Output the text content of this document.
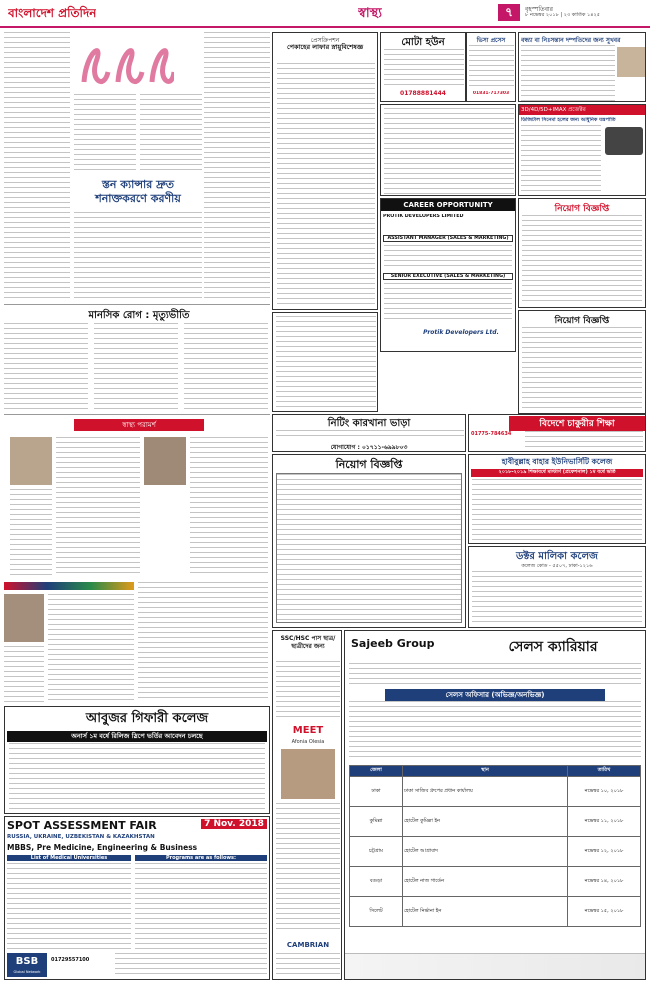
বাংলাদেশ প্রতিদিন	স্বাস্থ্য	৭	বৃহস্পতিবার
৮ নভেম্বর ২০১৮ | ২৩ কার্তিক ১৪২৫
স্তন ক্যান্সার দ্রুত শনাক্তকরণে করণীয়
মানসিক রোগ : মৃত্যুভীতি
স্বাস্থ্য পরামর্শ
প্রেসক্রিপশন
পেকাহের লাফার স্নায়ুবিশেষজ্ঞ	মোটা হউন
01788881444
ভিসা প্রসেস
01831-717303
বন্ধ্যা বা নিঃসন্তান দম্পতিদের জন্য সুখবর
3D/4D/5D+IMAX প্রজেক্টর
ডিজিটাল সিনেমা হলের জন্য আধুনিক যন্ত্রপাতি
নিয়োগ বিজ্ঞপ্তি
CAREER OPPORTUNITY
PROTIK DEVELOPERS LIMITED
ASSISTANT MANAGER (SALES & MARKETING)
SENIOR EXECUTIVE (SALES & MARKETING)
Protik Developers Ltd.
নিয়োগ বিজ্ঞপ্তি
নিটিং কারখানা ভাড়া
যোগাযোগ : ০১৭১১-৬৯৯৮০৩
বিদেশে চাকুরীর শিক্ষা
01775-784634
নিয়োগ বিজ্ঞপ্তি	হাবীবুল্লাহ বাহার ইউনিভার্সিটি কলেজ
২০১৮-২০১৯ শিক্ষাবর্ষে মাস্টার্স (প্রফেশনাল) ১ম বর্ষে ভর্তি
ডক্টর মালিকা কলেজ
কলেজ কোড - ৫৫০৭, ঢাকা-১২১৬
আবুজর গিফারী কলেজ
অনার্স ১ম বর্ষে রিলিজ স্লিপে ভর্তির আবেদন চলছে
SPOT ASSESSMENT FAIR	7 Nov. 2018
RUSSIA, UKRAINE, UZBEKISTAN & KAZAKHSTAN
MBBS, Pre Medicine, Engineering & Business
List of Medical Universities	Programs are as follows:
BSB
Global Network
01729557100
SSC/HSC পাস ছাত্র/ছাত্রীদের জন্য
MEET
Afonia Olesia
CAMBRIAN
Sajeeb Group	সেলস ক্যারিয়ার
সেলস অফিসার (অভিজ্ঞ/অনভিজ্ঞ)
জেলা	স্থান	তারিখ
ঢাকা	ঢাকা সাজিব গ্রুপের প্রধান কার্যালয়	নভেম্বর ১০, ২০১৮
কুমিল্লা	হোটেল কুমিল্লা ইন	নভেম্বর ১১, ২০১৮
চট্টগ্রাম	হোটেল আগ্রাবাদ	নভেম্বর ১২, ২০১৮
বগুড়া	হোটেল নাজ গার্ডেন	নভেম্বর ১৪, ২০১৮
সিলেট	হোটেল নির্ভানা ইন	নভেম্বর ১৫, ২০১৮
